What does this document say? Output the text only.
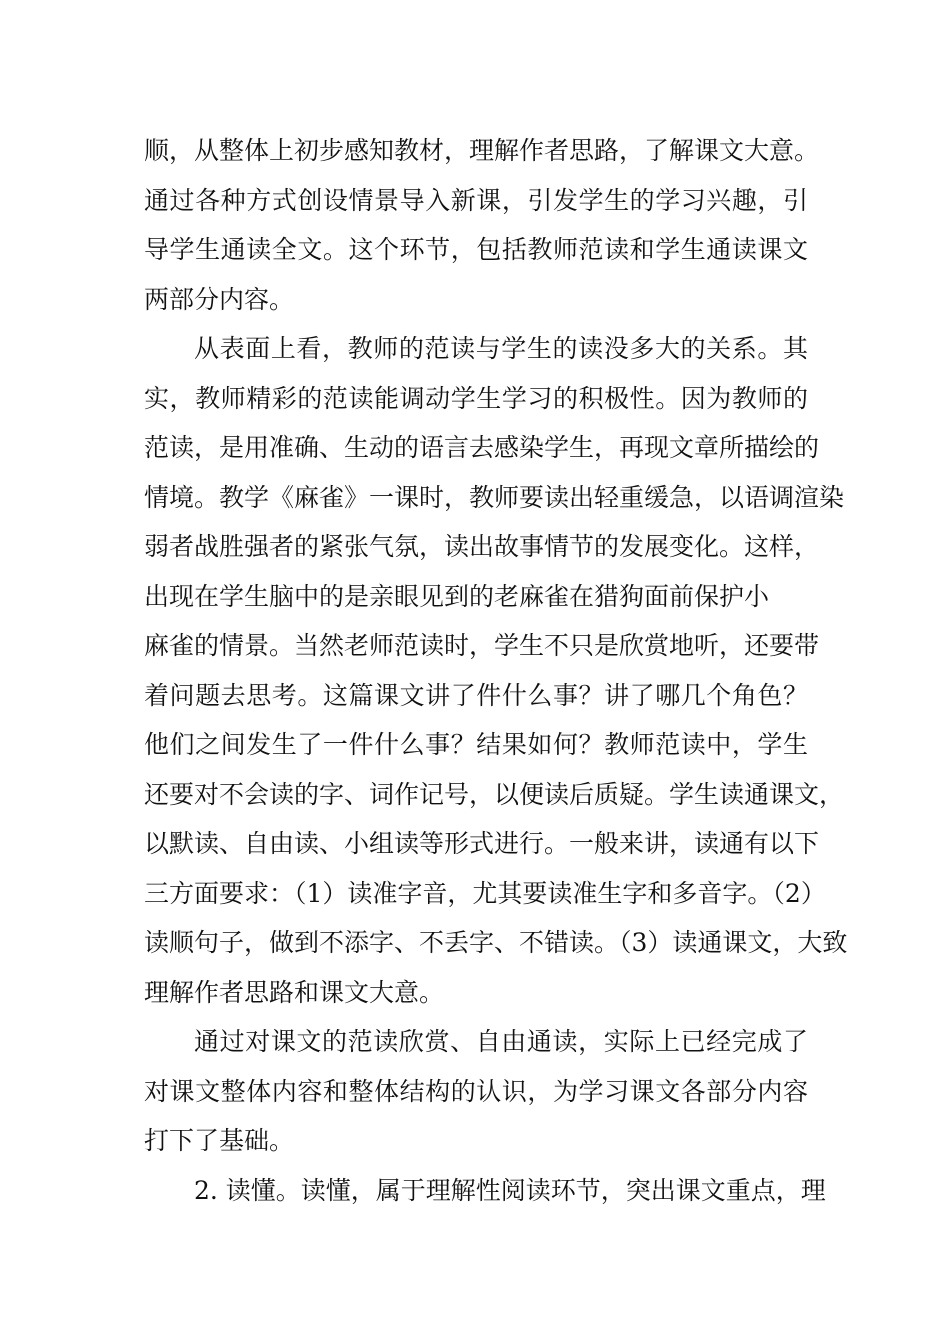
顺，从整体上初步感知教材，理解作者思路，了解课文大意。
通过各种方式创设情景导入新课，引发学生的学习兴趣，引
导学生通读全文。这个环节，包括教师范读和学生通读课文
两部分内容。
从表面上看，教师的范读与学生的读没多大的关系。其
实，教师精彩的范读能调动学生学习的积极性。因为教师的
范读，是用准确、生动的语言去感染学生，再现文章所描绘的
情境。教学《麻雀》一课时，教师要读出轻重缓急，以语调渲染
弱者战胜强者的紧张气氛，读出故事情节的发展变化。这样，
出现在学生脑中的是亲眼见到的老麻雀在猎狗面前保护小
麻雀的情景。当然老师范读时，学生不只是欣赏地听，还要带
着问题去思考。这篇课文讲了件什么事？讲了哪几个角色？
他们之间发生了一件什么事？结果如何？教师范读中，学生
还要对不会读的字、词作记号，以便读后质疑。学生读通课文，
以默读、自由读、小组读等形式进行。一般来讲，读通有以下
三方面要求：（1）读准字音，尤其要读准生字和多音字。（2）
读顺句子，做到不添字、不丢字、不错读。（3）读通课文，大致
理解作者思路和课文大意。
通过对课文的范读欣赏、自由通读，实际上已经完成了
对课文整体内容和整体结构的认识，为学习课文各部分内容
打下了基础。
2. 读懂。读懂，属于理解性阅读环节，突出课文重点，理
